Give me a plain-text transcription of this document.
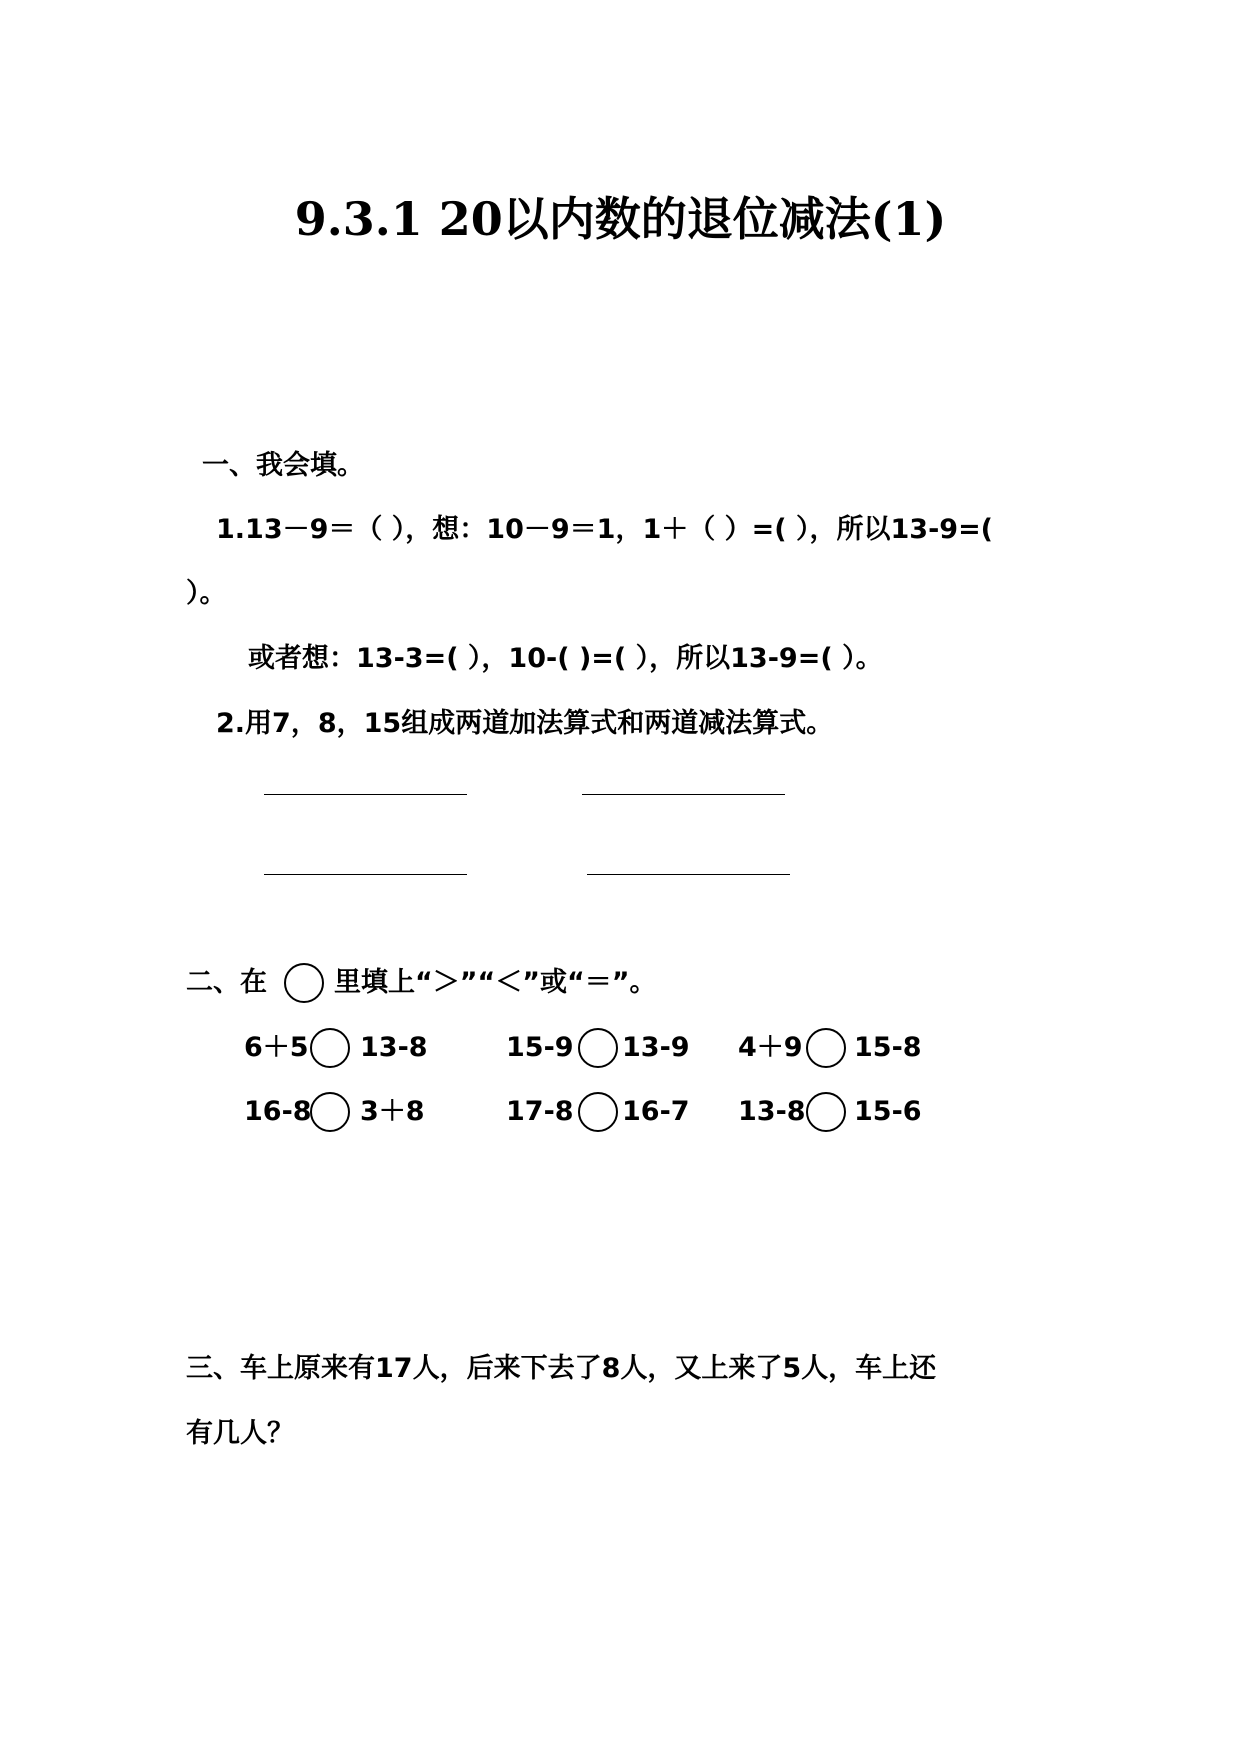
9.3.1 20以内数的退位减法(1)
一、我会填。
1.13－9＝（ ），想：10－9＝1，1＋（ ）=( ），所以13-9=(
）。
或者想：13-3=( ），10-( )=( ），所以13-9=( ）。
2.用7，8，15组成两道加法算式和两道减法算式。
二、在 里填上“＞”“＜”或“＝”。
6＋5 13-8	15-9 13-9 4＋9 15-8
16-8 3＋8	17-8 16-7 13-8 15-6
三、车上原来有17人，后来下去了8人，又上来了5人，车上还
有几人？
